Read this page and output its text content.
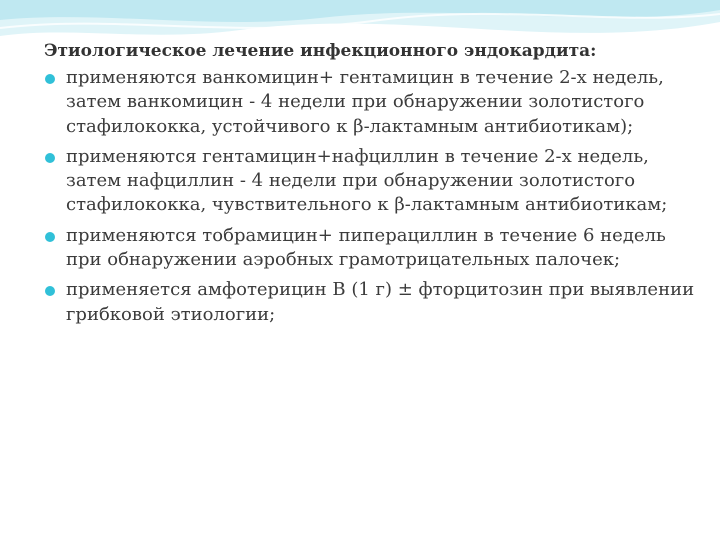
Этиологическое лечение инфекционного эндокардита:
применяются ванкомицин+ гентамицин в течение 2-х недель, затем ванкомицин - 4 недели при обнаружении золотистого стафилококка, устойчивого к β-лактамным антибиотикам);
применяются гентамицин+нафциллин в течение 2-х недель, затем нафциллин - 4 недели при обнаружении золотистого стафилококка, чувствительного к β-лактамным антибиотикам;
применяются тобрамицин+ пиперациллин в течение 6 недель при обнаружении аэробных грамотрицательных палочек;
применяется амфотерицин В (1 г) ± фторцитозин при выявлении грибковой этиологии;
